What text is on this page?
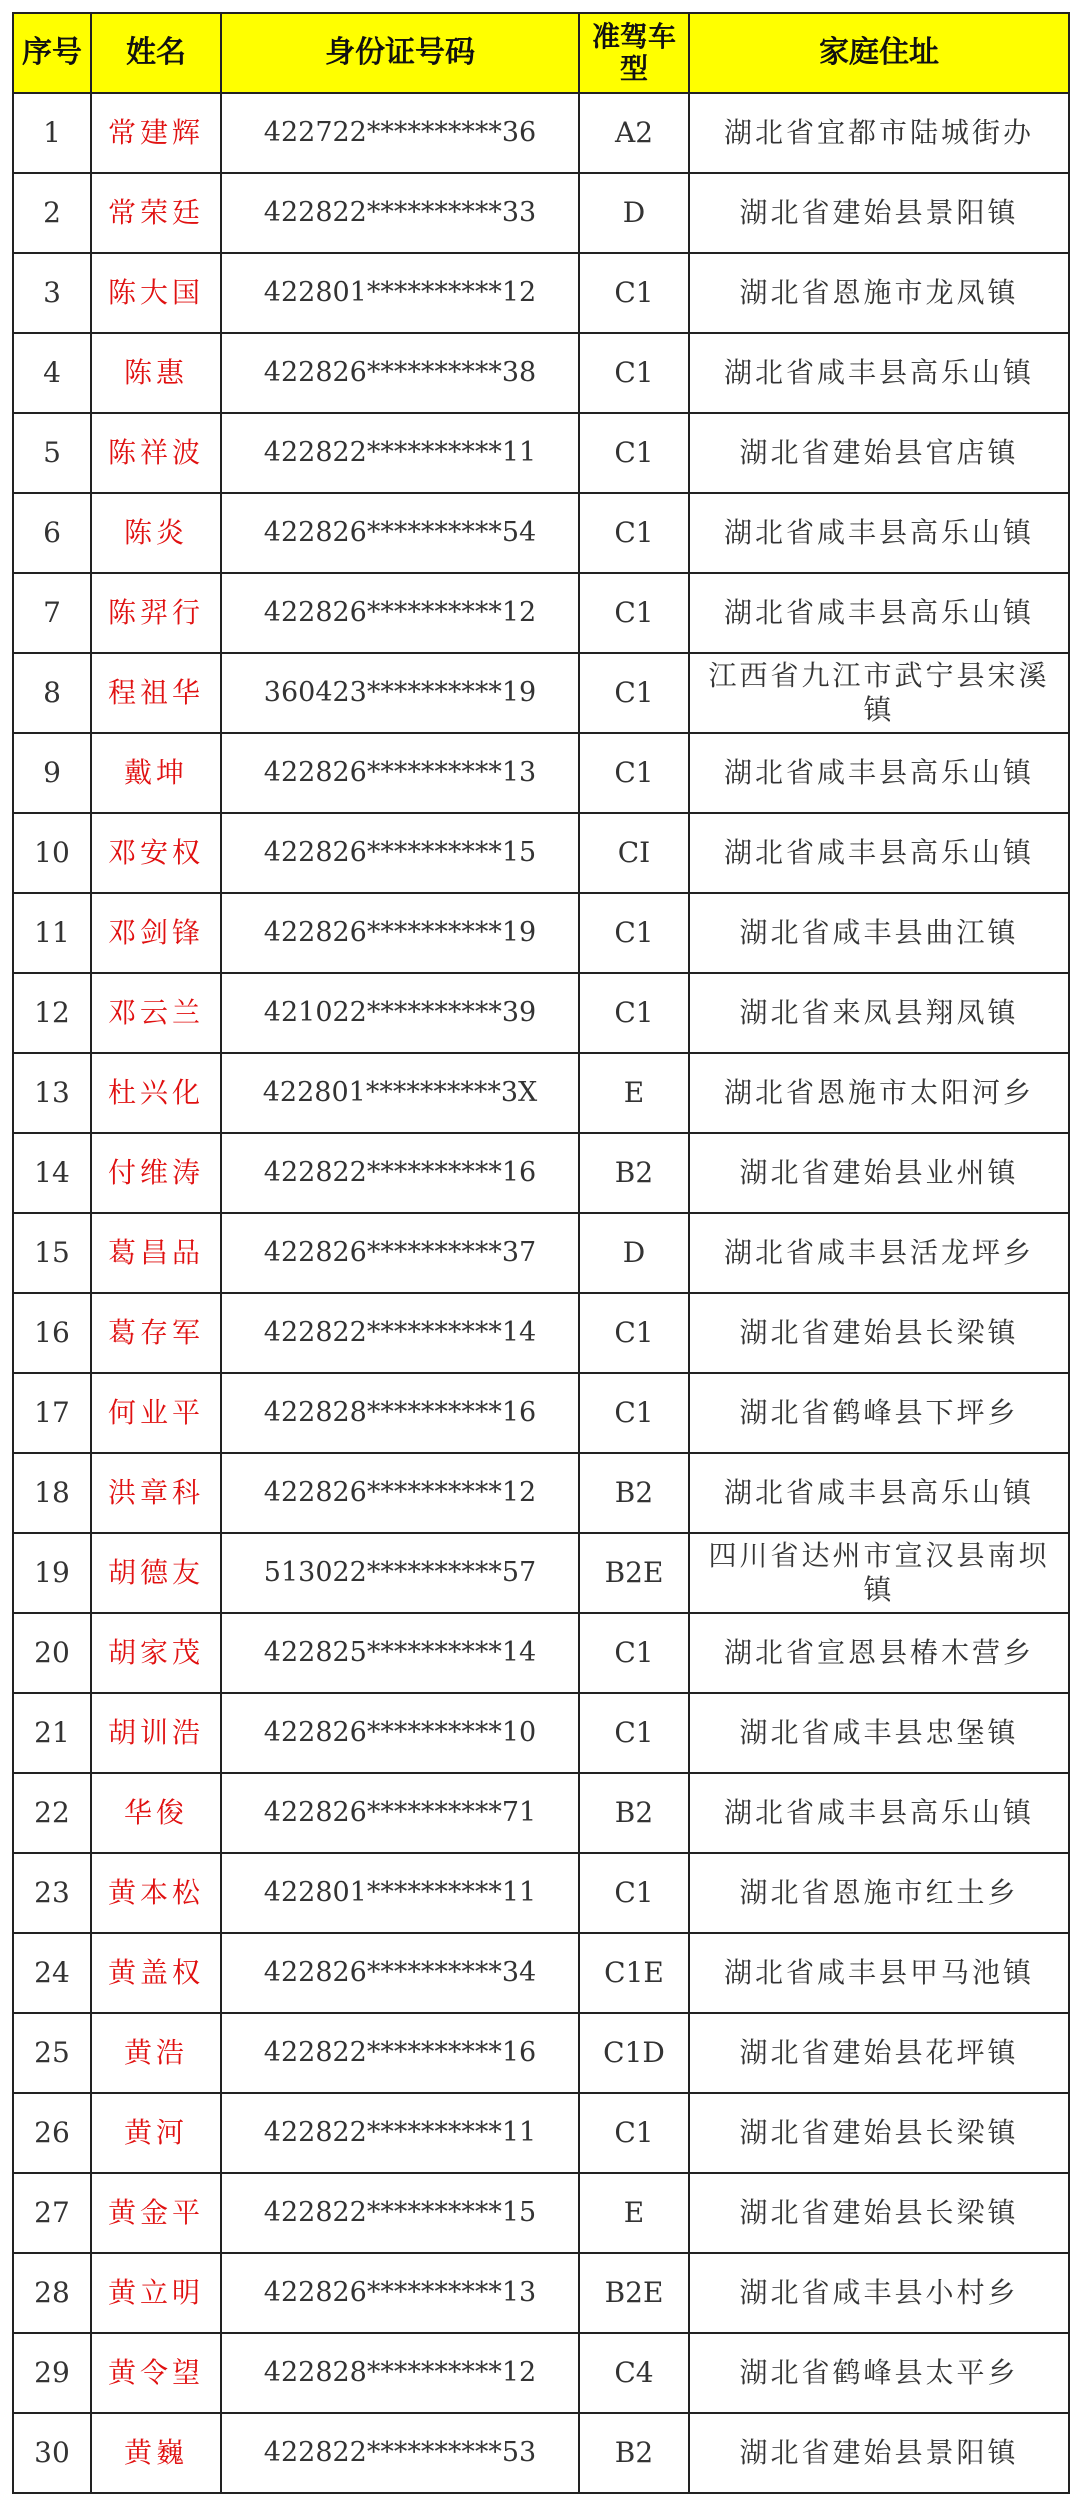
序号	姓名	身份证号码	准驾车型	家庭住址
1	常建辉	422722**********36	A2	湖北省宜都市陆城街办
2	常荣廷	422822**********33	D	湖北省建始县景阳镇
3	陈大国	422801**********12	C1	湖北省恩施市龙凤镇
4	陈惠	422826**********38	C1	湖北省咸丰县高乐山镇
5	陈祥波	422822**********11	C1	湖北省建始县官店镇
6	陈炎	422826**********54	C1	湖北省咸丰县高乐山镇
7	陈羿行	422826**********12	C1	湖北省咸丰县高乐山镇
8	程祖华	360423**********19	C1	江西省九江市武宁县宋溪镇
9	戴坤	422826**********13	C1	湖北省咸丰县高乐山镇
10	邓安权	422826**********15	CI	湖北省咸丰县高乐山镇
11	邓剑锋	422826**********19	C1	湖北省咸丰县曲江镇
12	邓云兰	421022**********39	C1	湖北省来凤县翔凤镇
13	杜兴化	422801**********3X	E	湖北省恩施市太阳河乡
14	付维涛	422822**********16	B2	湖北省建始县业州镇
15	葛昌品	422826**********37	D	湖北省咸丰县活龙坪乡
16	葛存军	422822**********14	C1	湖北省建始县长梁镇
17	何业平	422828**********16	C1	湖北省鹤峰县下坪乡
18	洪章科	422826**********12	B2	湖北省咸丰县高乐山镇
19	胡德友	513022**********57	B2E	四川省达州市宣汉县南坝镇
20	胡家茂	422825**********14	C1	湖北省宣恩县椿木营乡
21	胡训浩	422826**********10	C1	湖北省咸丰县忠堡镇
22	华俊	422826**********71	B2	湖北省咸丰县高乐山镇
23	黄本松	422801**********11	C1	湖北省恩施市红土乡
24	黄盖权	422826**********34	C1E	湖北省咸丰县甲马池镇
25	黄浩	422822**********16	C1D	湖北省建始县花坪镇
26	黄河	422822**********11	C1	湖北省建始县长梁镇
27	黄金平	422822**********15	E	湖北省建始县长梁镇
28	黄立明	422826**********13	B2E	湖北省咸丰县小村乡
29	黄令望	422828**********12	C4	湖北省鹤峰县太平乡
30	黄巍	422822**********53	B2	湖北省建始县景阳镇
